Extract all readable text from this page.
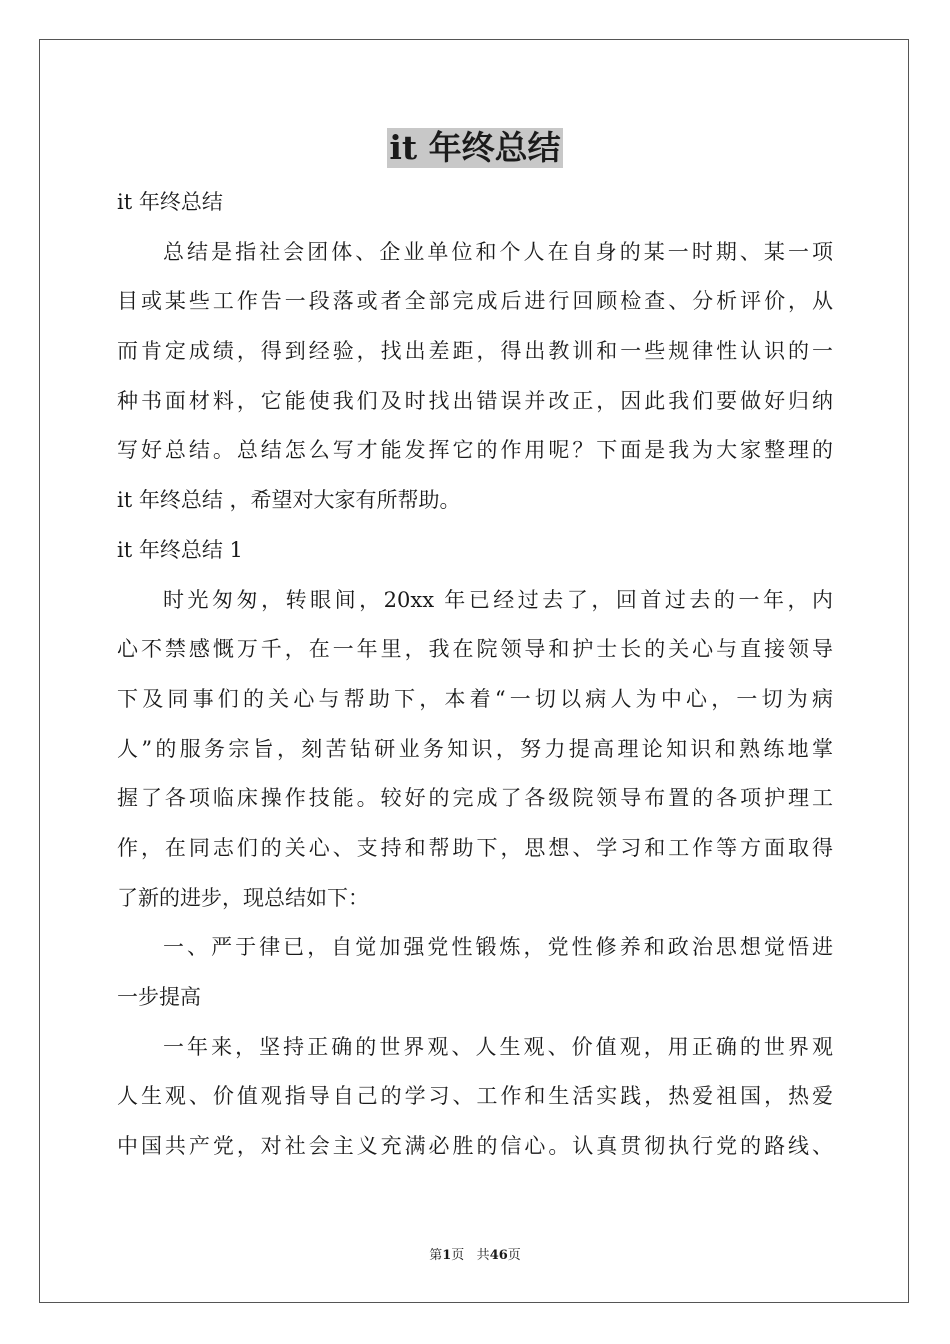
it 年终总结
it 年终总结
总结是指社会团体、企业单位和个人在自身的某一时期、某一项
目或某些工作告一段落或者全部完成后进行回顾检查、分析评价，从
而肯定成绩，得到经验，找出差距，得出教训和一些规律性认识的一
种书面材料，它能使我们及时找出错误并改正，因此我们要做好归纳
写好总结。总结怎么写才能发挥它的作用呢？下面是我为大家整理的
it 年终总结 ，希望对大家有所帮助。
it 年终总结 1
时光匆匆，转眼间，20xx 年已经过去了，回首过去的一年，内
心不禁感慨万千，在一年里，我在院领导和护士长的关心与直接领导
下及同事们的关心与帮助下，本着“一切以病人为中心，一切为病
人”的服务宗旨，刻苦钻研业务知识，努力提高理论知识和熟练地掌
握了各项临床操作技能。较好的完成了各级院领导布置的各项护理工
作，在同志们的关心、支持和帮助下，思想、学习和工作等方面取得
了新的进步，现总结如下：
一、严于律已，自觉加强党性锻炼，党性修养和政治思想觉悟进
一步提高
一年来，坚持正确的世界观、人生观、价值观，用正确的世界观
人生观、价值观指导自己的学习、工作和生活实践，热爱祖国，热爱
中国共产党，对社会主义充满必胜的信心。认真贯彻执行党的路线、
第1页 共46页
